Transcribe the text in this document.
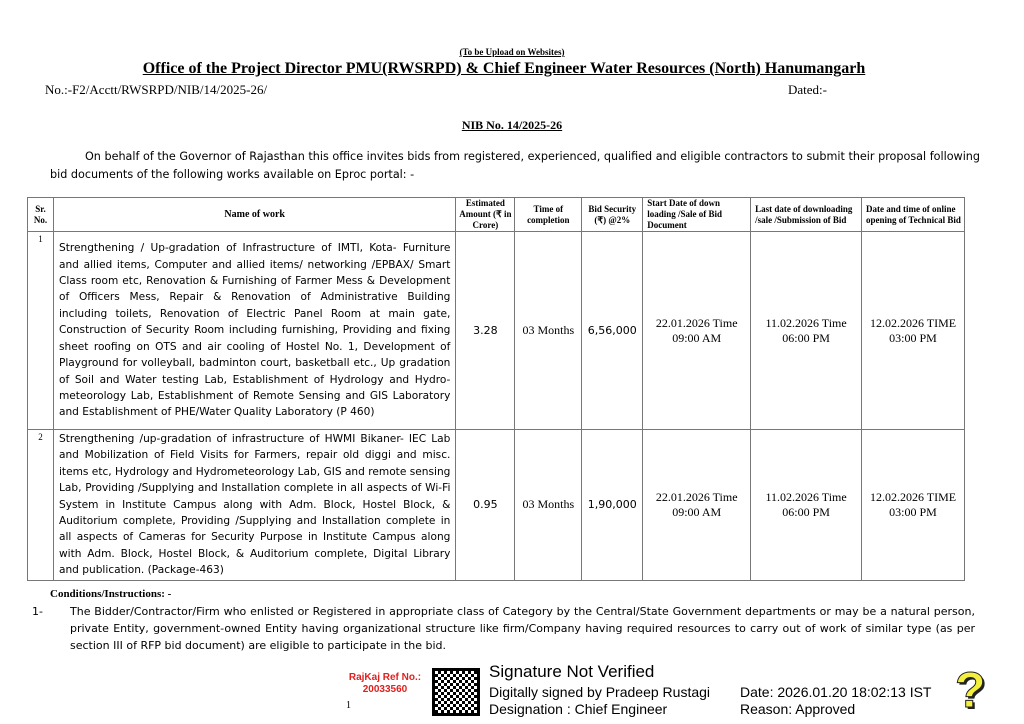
(To be Upload on Websites)
Office of the Project Director PMU(RWSRPD) & Chief Engineer Water Resources (North) Hanumangarh
No.:-F2/Acctt/RWSRPD/NIB/14/2025-26/	Dated:-
NIB No. 14/2025-26
On behalf of the Governor of Rajasthan this office invites bids from registered, experienced, qualified and eligible contractors to submit their proposal following bid documents of the following works available on Eproc portal: -
Sr. No.	Name of work	Estimated Amount (₹ in Crore)	Time of completion	Bid Security (₹) @2%	Start Date of down loading /Sale of Bid Document	Last date of downloading /sale /Submission of Bid	Date and time of online opening of Technical Bid
1	Strengthening / Up-gradation of Infrastructure of IMTI, Kota- Furniture and allied items, Computer and allied items/ networking /EPBAX/ Smart Class room etc, Renovation & Furnishing of Farmer Mess & Development of Officers Mess, Repair & Renovation of Administrative Building including toilets, Renovation of Electric Panel Room at main gate, Construction of Security Room including furnishing, Providing and fixing sheet roofing on OTS and air cooling of Hostel No. 1, Development of Playground for volleyball, badminton court, basketball etc., Up gradation of Soil and Water testing Lab, Establishment of Hydrology and Hydro-meteorology Lab, Establishment of Remote Sensing and GIS Laboratory and Establishment of PHE/Water Quality Laboratory (P 460)	3.28	03 Months	6,56,000	22.01.2026 Time 09:00 AM	11.02.2026 Time 06:00 PM	12.02.2026 TIME 03:00 PM
2	Strengthening /up-gradation of infrastructure of HWMI Bikaner- IEC Lab and Mobilization of Field Visits for Farmers, repair old diggi and misc. items etc, Hydrology and Hydrometeorology Lab, GIS and remote sensing Lab, Providing /Supplying and Installation complete in all aspects of Wi-Fi System in Institute Campus along with Adm. Block, Hostel Block, & Auditorium complete, Providing /Supplying and Installation complete in all aspects of Cameras for Security Purpose in Institute Campus along with Adm. Block, Hostel Block, & Auditorium complete, Digital Library and publication. (Package-463)	0.95	03 Months	1,90,000	22.01.2026 Time 09:00 AM	11.02.2026 Time 06:00 PM	12.02.2026 TIME 03:00 PM
Conditions/Instructions: -
1- The Bidder/Contractor/Firm who enlisted or Registered in appropriate class of Category by the Central/State Government departments or may be a natural person, private Entity, government-owned Entity having organizational structure like firm/Company having required resources to carry out of work of similar type (as per section III of RFP bid document) are eligible to participate in the bid.
RajKaj Ref No.:
20033560
1
Signature Not Verified
Digitally signed by Pradeep Rustagi
Designation : Chief Engineer
Date: 2026.01.20 18:02:13 IST
Reason: Approved ?
